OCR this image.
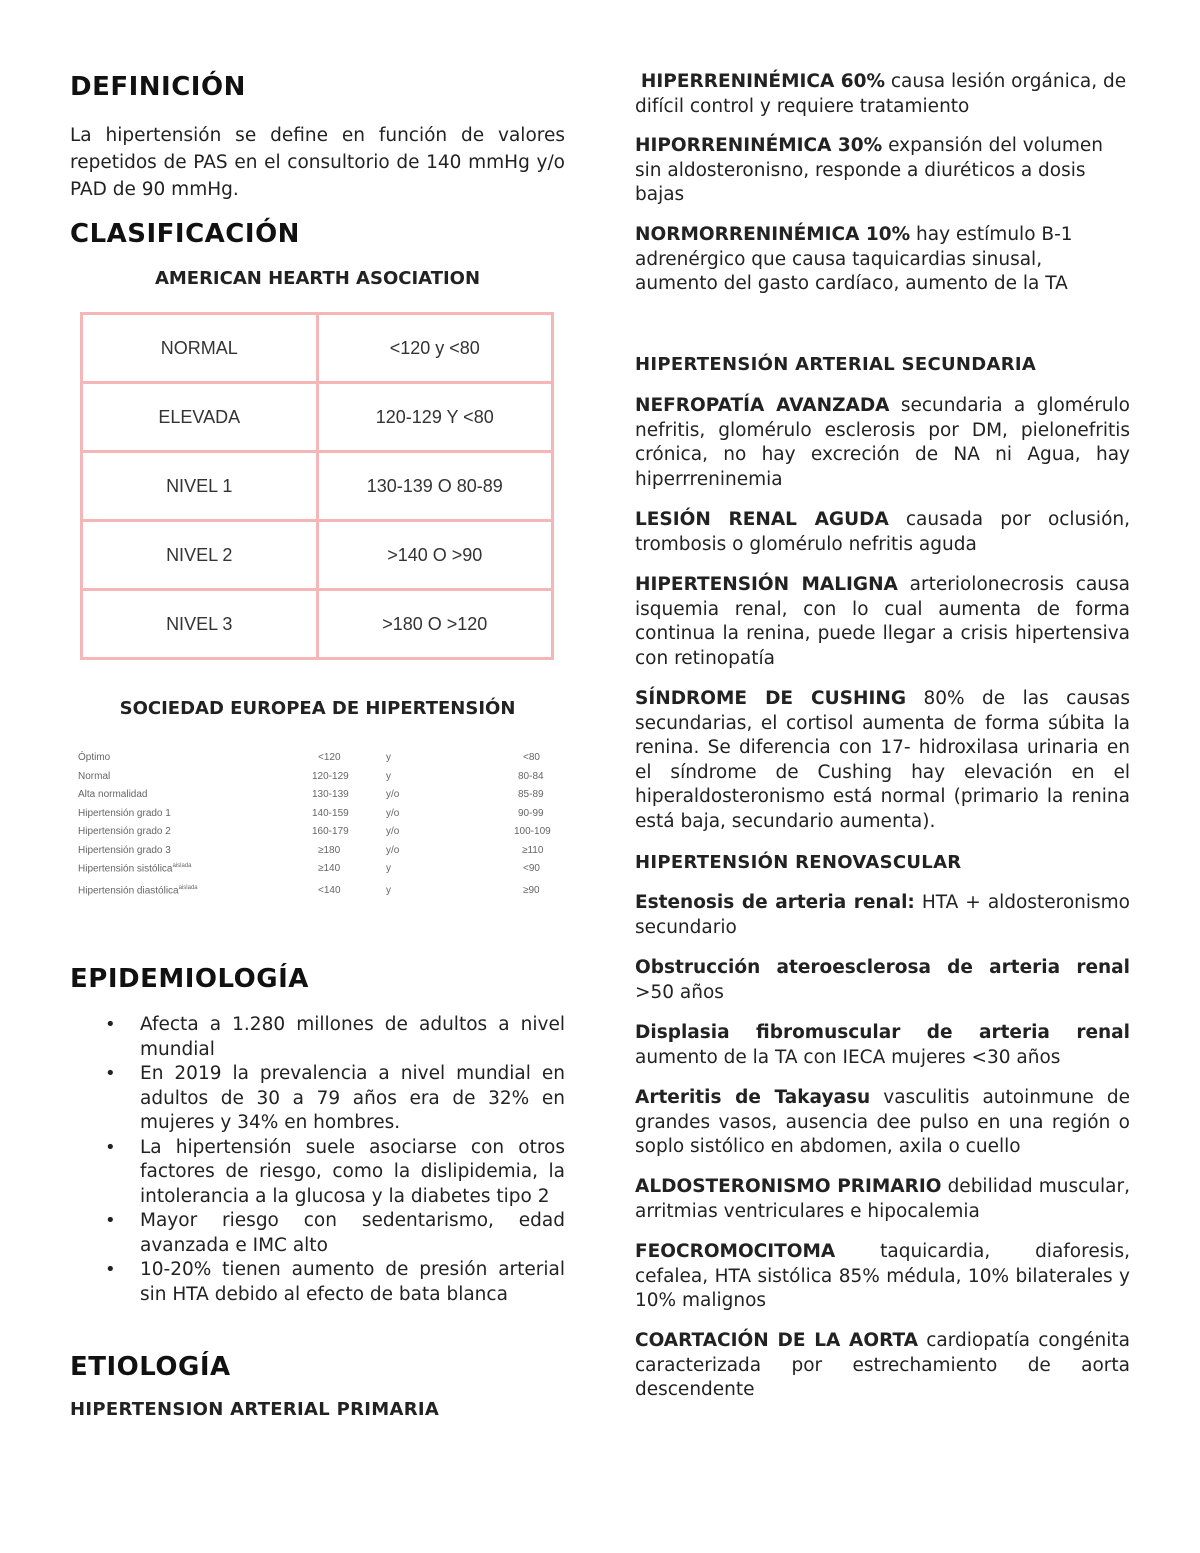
DEFINICIÓN

La hipertensión se define en función de valores repetidos de PAS en el consultorio de 140 mmHg y/o PAD de 90 mmHg.

CLASIFICACIÓN
AMERICAN HEARTH ASOCIATION
NORMAL	<120 y <80
ELEVADA	120-129 Y <80
NIVEL 1	130-139 O 80-89
NIVEL 2	>140 O >90
NIVEL 3	>180 O >120
SOCIEDAD EUROPEA DE HIPERTENSIÓN
Óptimo	<120	y	<80
Normal	120-129	y	80-84
Alta normalidad	130-139	y/o	85-89
Hipertensión grado 1	140-159	y/o	90-99
Hipertensión grado 2	160-179	y/o	100-109
Hipertensión grado 3	≥180	y/o	≥110
Hipertensión sistólica$^{aislada}$	≥140	y	<90
Hipertensión diastólica$^{aislada}$	<140	y	≥90
EPIDEMIOLOGÍA
• Afecta a 1.280 millones de adultos a nivel mundial
• En 2019 la prevalencia a nivel mundial en adultos de 30 a 79 años era de 32% en mujeres y 34% en hombres.
• La hipertensión suele asociarse con otros factores de riesgo, como la dislipidemia, la intolerancia a la glucosa y la diabetes tipo 2
• Mayor riesgo con sedentarismo, edad avanzada e IMC alto
• 10-20% tienen aumento de presión arterial sin HTA debido al efecto de bata blanca
ETIOLOGÍA
HIPERTENSION ARTERIAL PRIMARIA

HIPERRENINÉMICA 60% causa lesión orgánica, de difícil control y requiere tratamiento

HIPORRENINÉMICA 30% expansión del volumen sin aldosteronisno, responde a diuréticos a dosis bajas

NORMORRENINÉMICA 10% hay estímulo B-1 adrenérgico que causa taquicardias sinusal, aumento del gasto cardíaco, aumento de la TA

HIPERTENSIÓN ARTERIAL SECUNDARIA

NEFROPATÍA AVANZADA secundaria a glomérulo nefritis, glomérulo esclerosis por DM, pielonefritis crónica, no hay excreción de NA ni Agua, hay hiperrreninemia

LESIÓN RENAL AGUDA causada por oclusión, trombosis o glomérulo nefritis aguda

HIPERTENSIÓN MALIGNA arteriolonecrosis causa isquemia renal, con lo cual aumenta de forma continua la renina, puede llegar a crisis hipertensiva con retinopatía

SÍNDROME DE CUSHING 80% de las causas secundarias, el cortisol aumenta de forma súbita la renina. Se diferencia con 17- hidroxilasa urinaria en el síndrome de Cushing hay elevación en el hiperaldosteronismo está normal (primario la renina está baja, secundario aumenta).

HIPERTENSIÓN RENOVASCULAR

Estenosis de arteria renal: HTA + aldosteronismo secundario

Obstrucción ateroesclerosa de arteria renal >50 años

Displasia fibromuscular de arteria renal aumento de la TA con IECA mujeres <30 años

Arteritis de Takayasu vasculitis autoinmune de grandes vasos, ausencia dee pulso en una región o soplo sistólico en abdomen, axila o cuello

ALDOSTERONISMO PRIMARIO debilidad muscular, arritmias ventriculares e hipocalemia

FEOCROMOCITOMA taquicardia, diaforesis, cefalea, HTA sistólica 85% médula, 10% bilaterales y 10% malignos

COARTACIÓN DE LA AORTA cardiopatía congénita caracterizada por estrechamiento de aorta descendente
